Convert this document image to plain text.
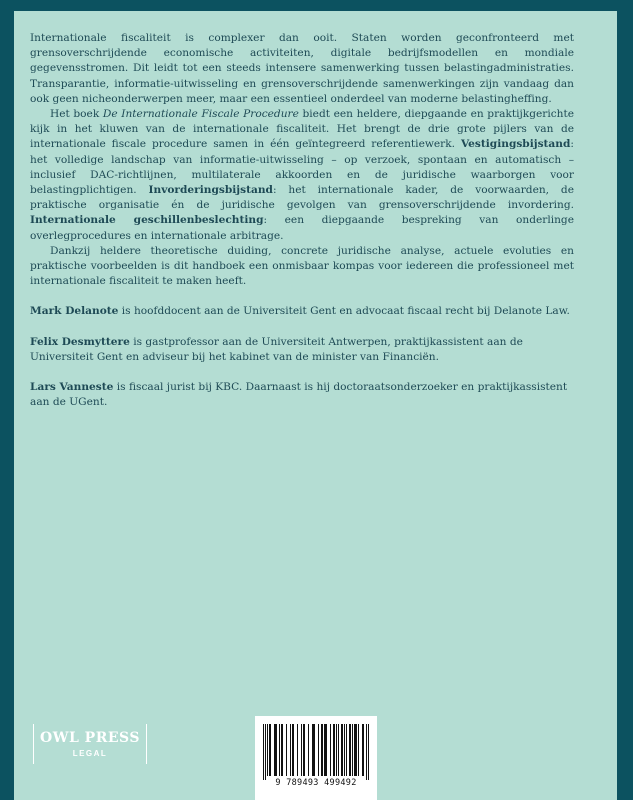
Internationale fiscaliteit is complexer dan ooit. Staten worden geconfronteerd met grensoverschrijdende economische activiteiten, digitale bedrijfsmodellen en mondiale gegevensstromen. Dit leidt tot een steeds intensere samenwerking tussen belastingadministraties. Transparantie, informatie-uitwisseling en grensoverschrijdende samenwerkingen zijn vandaag dan ook geen nicheonderwerpen meer, maar een essentieel onderdeel van moderne belastingheffing.

Het boek De Internationale Fiscale Procedure biedt een heldere, diepgaande en praktijkgerichte kijk in het kluwen van de internationale fiscaliteit. Het brengt de drie grote pijlers van de internationale fiscale procedure samen in één geïntegreerd referentiewerk. Vestigingsbijstand: het volledige landschap van informatie-uitwisseling – op verzoek, spontaan en automatisch – inclusief DAC-richtlijnen, multilaterale akkoorden en de juridische waarborgen voor belastingplichtigen. Invorderingsbijstand: het internationale kader, de voorwaarden, de praktische organisatie én de juridische gevolgen van grensoverschrijdende invordering. Internationale geschillenbeslechting: een diepgaande bespreking van onderlinge overlegprocedures en internationale arbitrage.

Dankzij heldere theoretische duiding, concrete juridische analyse, actuele evoluties en praktische voorbeelden is dit handboek een onmisbaar kompas voor iedereen die professioneel met internationale fiscaliteit te maken heeft.

Mark Delanote is hoofddocent aan de Universiteit Gent en advocaat fiscaal recht bij Delanote Law.

Felix Desmyttere is gastprofessor aan de Universiteit Antwerpen, praktijkassistent aan de Universiteit Gent en adviseur bij het kabinet van de minister van Financiën.

Lars Vanneste is fiscaal jurist bij KBC. Daarnaast is hij doctoraatsonderzoeker en praktijkassistent aan de UGent.

OWL PRESS
LEGAL
9 789493 499492
